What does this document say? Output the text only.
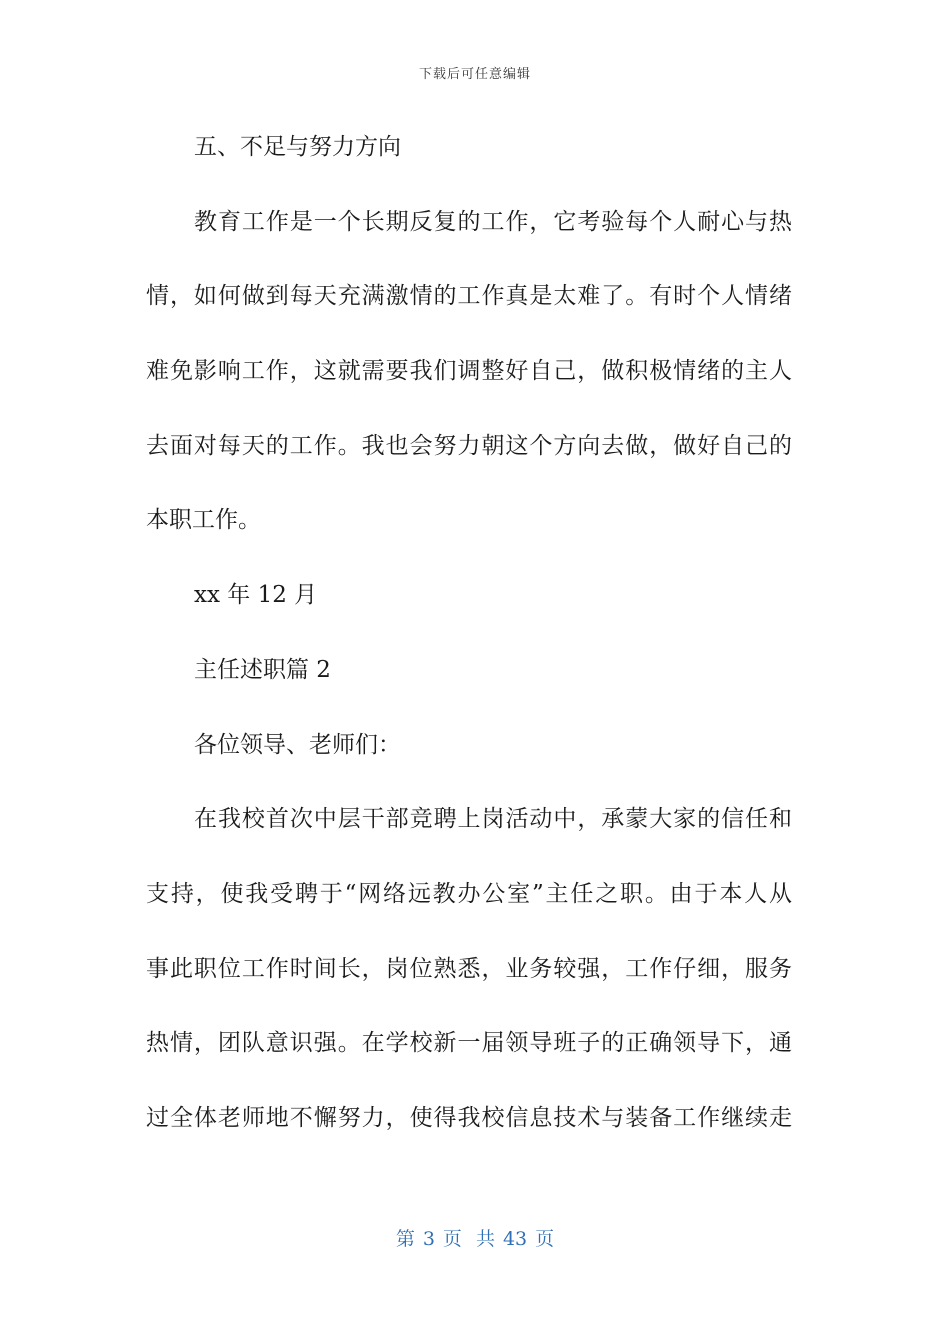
下载后可任意编辑
五、不足与努力方向
教育工作是一个长期反复的工作，它考验每个人耐心与热
情，如何做到每天充满激情的工作真是太难了。有时个人情绪
难免影响工作，这就需要我们调整好自己，做积极情绪的主人
去面对每天的工作。我也会努力朝这个方向去做，做好自己的
本职工作。
xx 年 12 月
主任述职篇 2
各位领导、老师们：
在我校首次中层干部竞聘上岗活动中，承蒙大家的信任和
支持，使我受聘于“网络远教办公室”主任之职。由于本人从
事此职位工作时间长，岗位熟悉，业务较强，工作仔细，服务
热情，团队意识强。在学校新一届领导班子的正确领导下，通
过全体老师地不懈努力，使得我校信息技术与装备工作继续走
第 3 页 共 43 页
